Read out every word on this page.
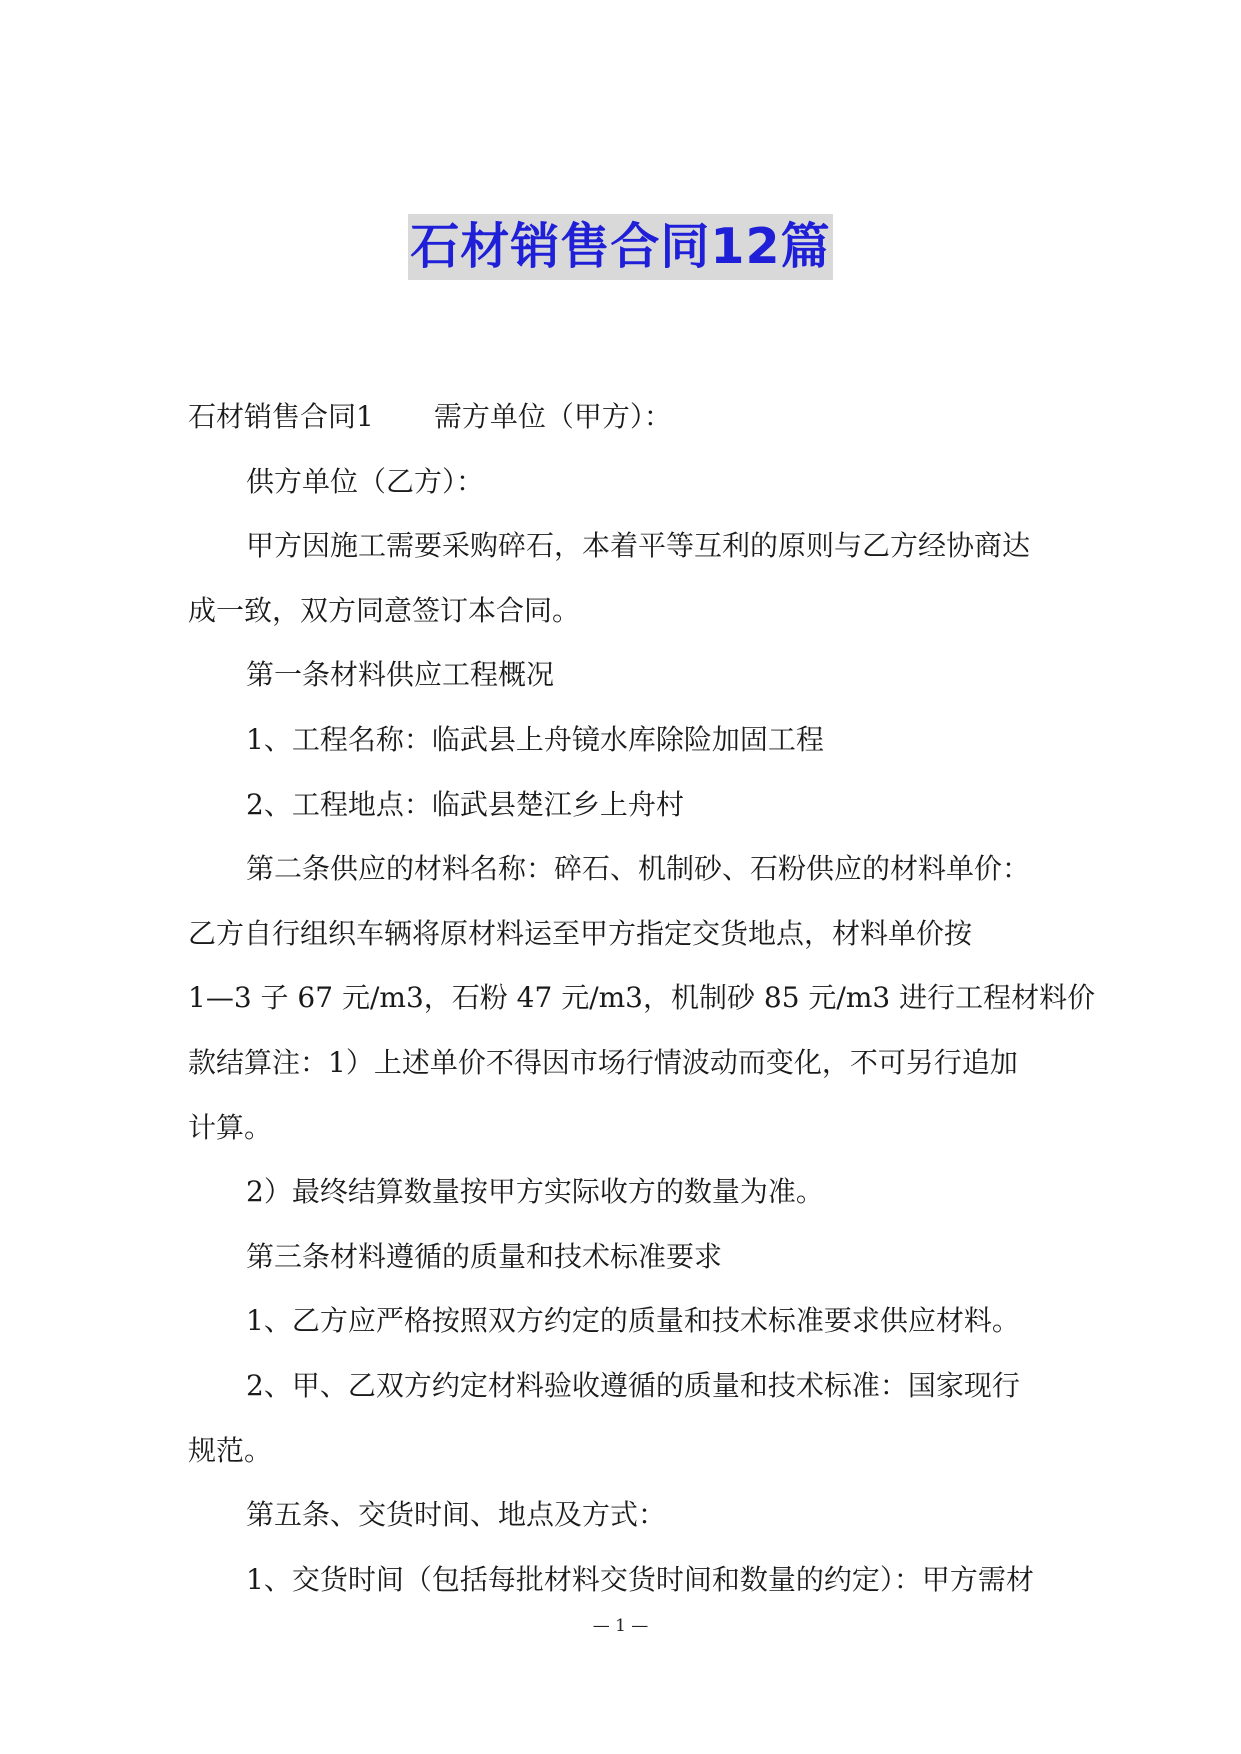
石材销售合同12篇
石材销售合同1 需方单位（甲方）：
供方单位（乙方）：
甲方因施工需要采购碎石，本着平等互利的原则与乙方经协商达
成一致，双方同意签订本合同。
第一条材料供应工程概况
1、工程名称：临武县上舟镜水库除险加固工程
2、工程地点：临武县楚江乡上舟村
第二条供应的材料名称：碎石、机制砂、石粉供应的材料单价：
乙方自行组织车辆将原材料运至甲方指定交货地点，材料单价按
1—3 子 67 元/m3，石粉 47 元/m3，机制砂 85 元/m3 进行工程材料价
款结算注：1）上述单价不得因市场行情波动而变化，不可另行追加
计算。
2）最终结算数量按甲方实际收方的数量为准。
第三条材料遵循的质量和技术标准要求
1、乙方应严格按照双方约定的质量和技术标准要求供应材料。
2、甲、乙双方约定材料验收遵循的质量和技术标准：国家现行
规范。
第五条、交货时间、地点及方式：
1、交货时间（包括每批材料交货时间和数量的约定）：甲方需材
— 1 —
